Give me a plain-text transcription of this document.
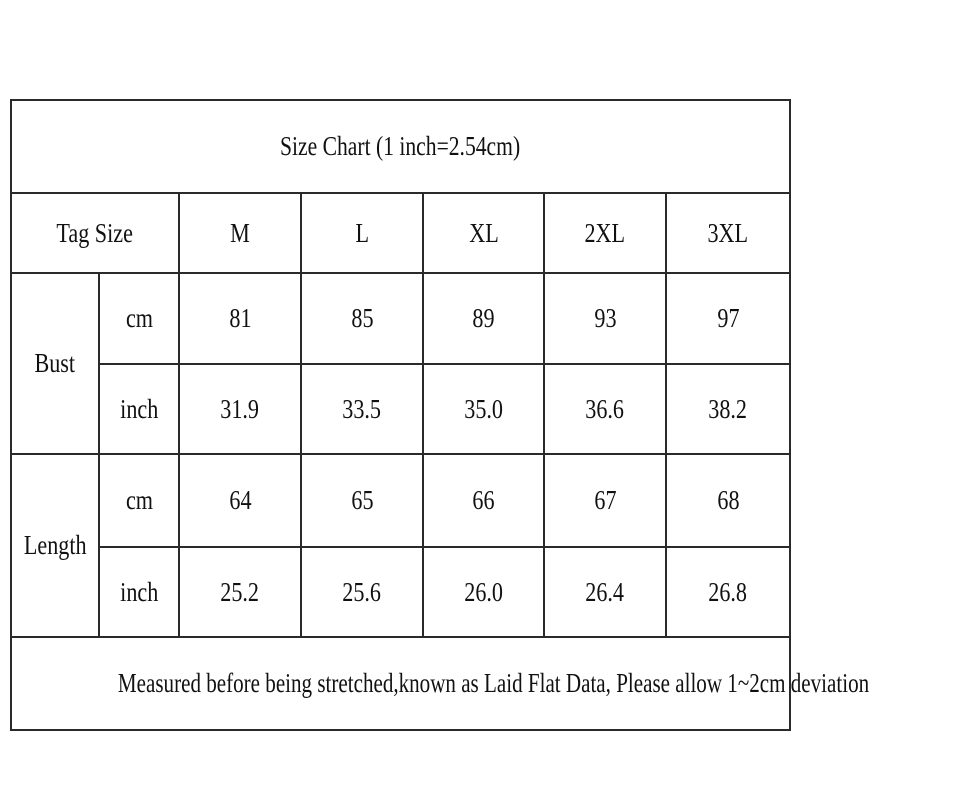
Size Chart (1 inch=2.54cm)						
Tag Size		M	L	XL	2XL	3XL
Bust	cm	81	85	89	93	97
	inch	31.9	33.5	35.0	36.6	38.2
Length	cm	64	65	66	67	68
	inch	25.2	25.6	26.0	26.4	26.8
Measured before being stretched,known as Laid Flat Data, Please allow 1~2cm deviation						
